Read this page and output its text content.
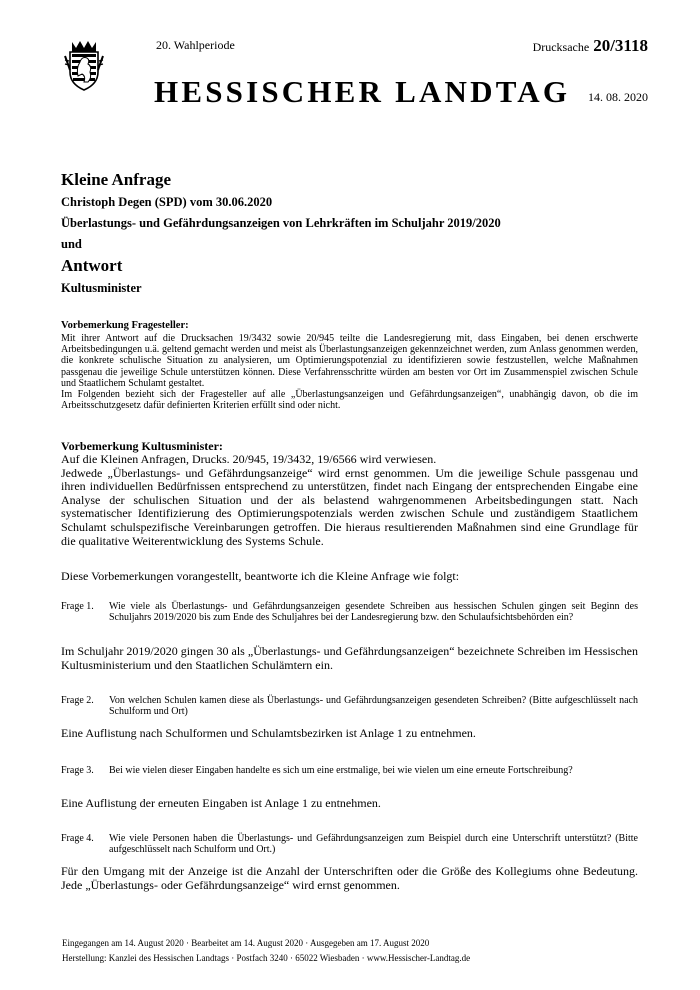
20. Wahlperiode	Drucksache 20/3118
HESSISCHER LANDTAG 14. 08. 2020
Kleine Anfrage
Christoph Degen (SPD) vom 30.06.2020
Überlastungs- und Gefährdungsanzeigen von Lehrkräften im Schuljahr 2019/2020
und
Antwort
Kultusminister
Vorbemerkung Fragesteller:

Mit ihrer Antwort auf die Drucksachen 19/3432 sowie 20/945 teilte die Landesregierung mit, dass Eingaben, bei denen erschwerte Arbeitsbedingungen u.ä. geltend gemacht werden und meist als Überlastungsanzeigen gekennzeichnet werden, zum Anlass genommen werden, die konkrete schulische Situation zu analysieren, um Optimierungspotenzial zu identifizieren sowie festzustellen, welche Maßnahmen passgenau die jeweilige Schule unterstützen können. Diese Verfahrensschritte würden am besten vor Ort im Zusammenspiel zwischen Schule und Staatlichem Schulamt gestaltet.

Im Folgenden bezieht sich der Fragesteller auf alle „Überlastungsanzeigen und Gefährdungsanzeigen“, unabhängig davon, ob die im Arbeitsschutzgesetz dafür definierten Kriterien erfüllt sind oder nicht.

Vorbemerkung Kultusminister:

Auf die Kleinen Anfragen, Drucks. 20/945, 19/3432, 19/6566 wird verwiesen.

Jedwede „Überlastungs- und Gefährdungsanzeige“ wird ernst genommen. Um die jeweilige Schule passgenau und ihren individuellen Bedürfnissen entsprechend zu unterstützen, findet nach Eingang der entsprechenden Eingabe eine Analyse der schulischen Situation und der als belastend wahrgenommenen Arbeitsbedingungen statt. Nach systematischer Identifizierung des Optimierungspotenzials werden zwischen Schule und zuständigem Staatlichem Schulamt schulspezifische Vereinbarungen getroffen. Die hieraus resultierenden Maßnahmen sind eine Grundlage für die qualitative Weiterentwicklung des Systems Schule.

Diese Vorbemerkungen vorangestellt, beantworte ich die Kleine Anfrage wie folgt:
Frage 1. Wie viele als Überlastungs- und Gefährdungsanzeigen gesendete Schreiben aus hessischen Schulen gingen seit Beginn des Schuljahrs 2019/2020 bis zum Ende des Schuljahres bei der Landesregierung bzw. den Schulaufsichtsbehörden ein?
Im Schuljahr 2019/2020 gingen 30 als „Überlastungs- und Gefährdungsanzeigen“ bezeichnete Schreiben im Hessischen Kultusministerium und den Staatlichen Schulämtern ein.
Frage 2. Von welchen Schulen kamen diese als Überlastungs- und Gefährdungsanzeigen gesendeten Schreiben? (Bitte aufgeschlüsselt nach Schulform und Ort)
Eine Auflistung nach Schulformen und Schulamtsbezirken ist Anlage 1 zu entnehmen.
Frage 3. Bei wie vielen dieser Eingaben handelte es sich um eine erstmalige, bei wie vielen um eine erneute Fortschreibung?
Eine Auflistung der erneuten Eingaben ist Anlage 1 zu entnehmen.
Frage 4. Wie viele Personen haben die Überlastungs- und Gefährdungsanzeigen zum Beispiel durch eine Unterschrift unterstützt? (Bitte aufgeschlüsselt nach Schulform und Ort.)
Für den Umgang mit der Anzeige ist die Anzahl der Unterschriften oder die Größe des Kollegiums ohne Bedeutung. Jede „Überlastungs- oder Gefährdungsanzeige“ wird ernst genommen.
Eingegangen am 14. August 2020 · Bearbeitet am 14. August 2020 · Ausgegeben am 17. August 2020
Herstellung: Kanzlei des Hessischen Landtags · Postfach 3240 · 65022 Wiesbaden · www.Hessischer-Landtag.de
